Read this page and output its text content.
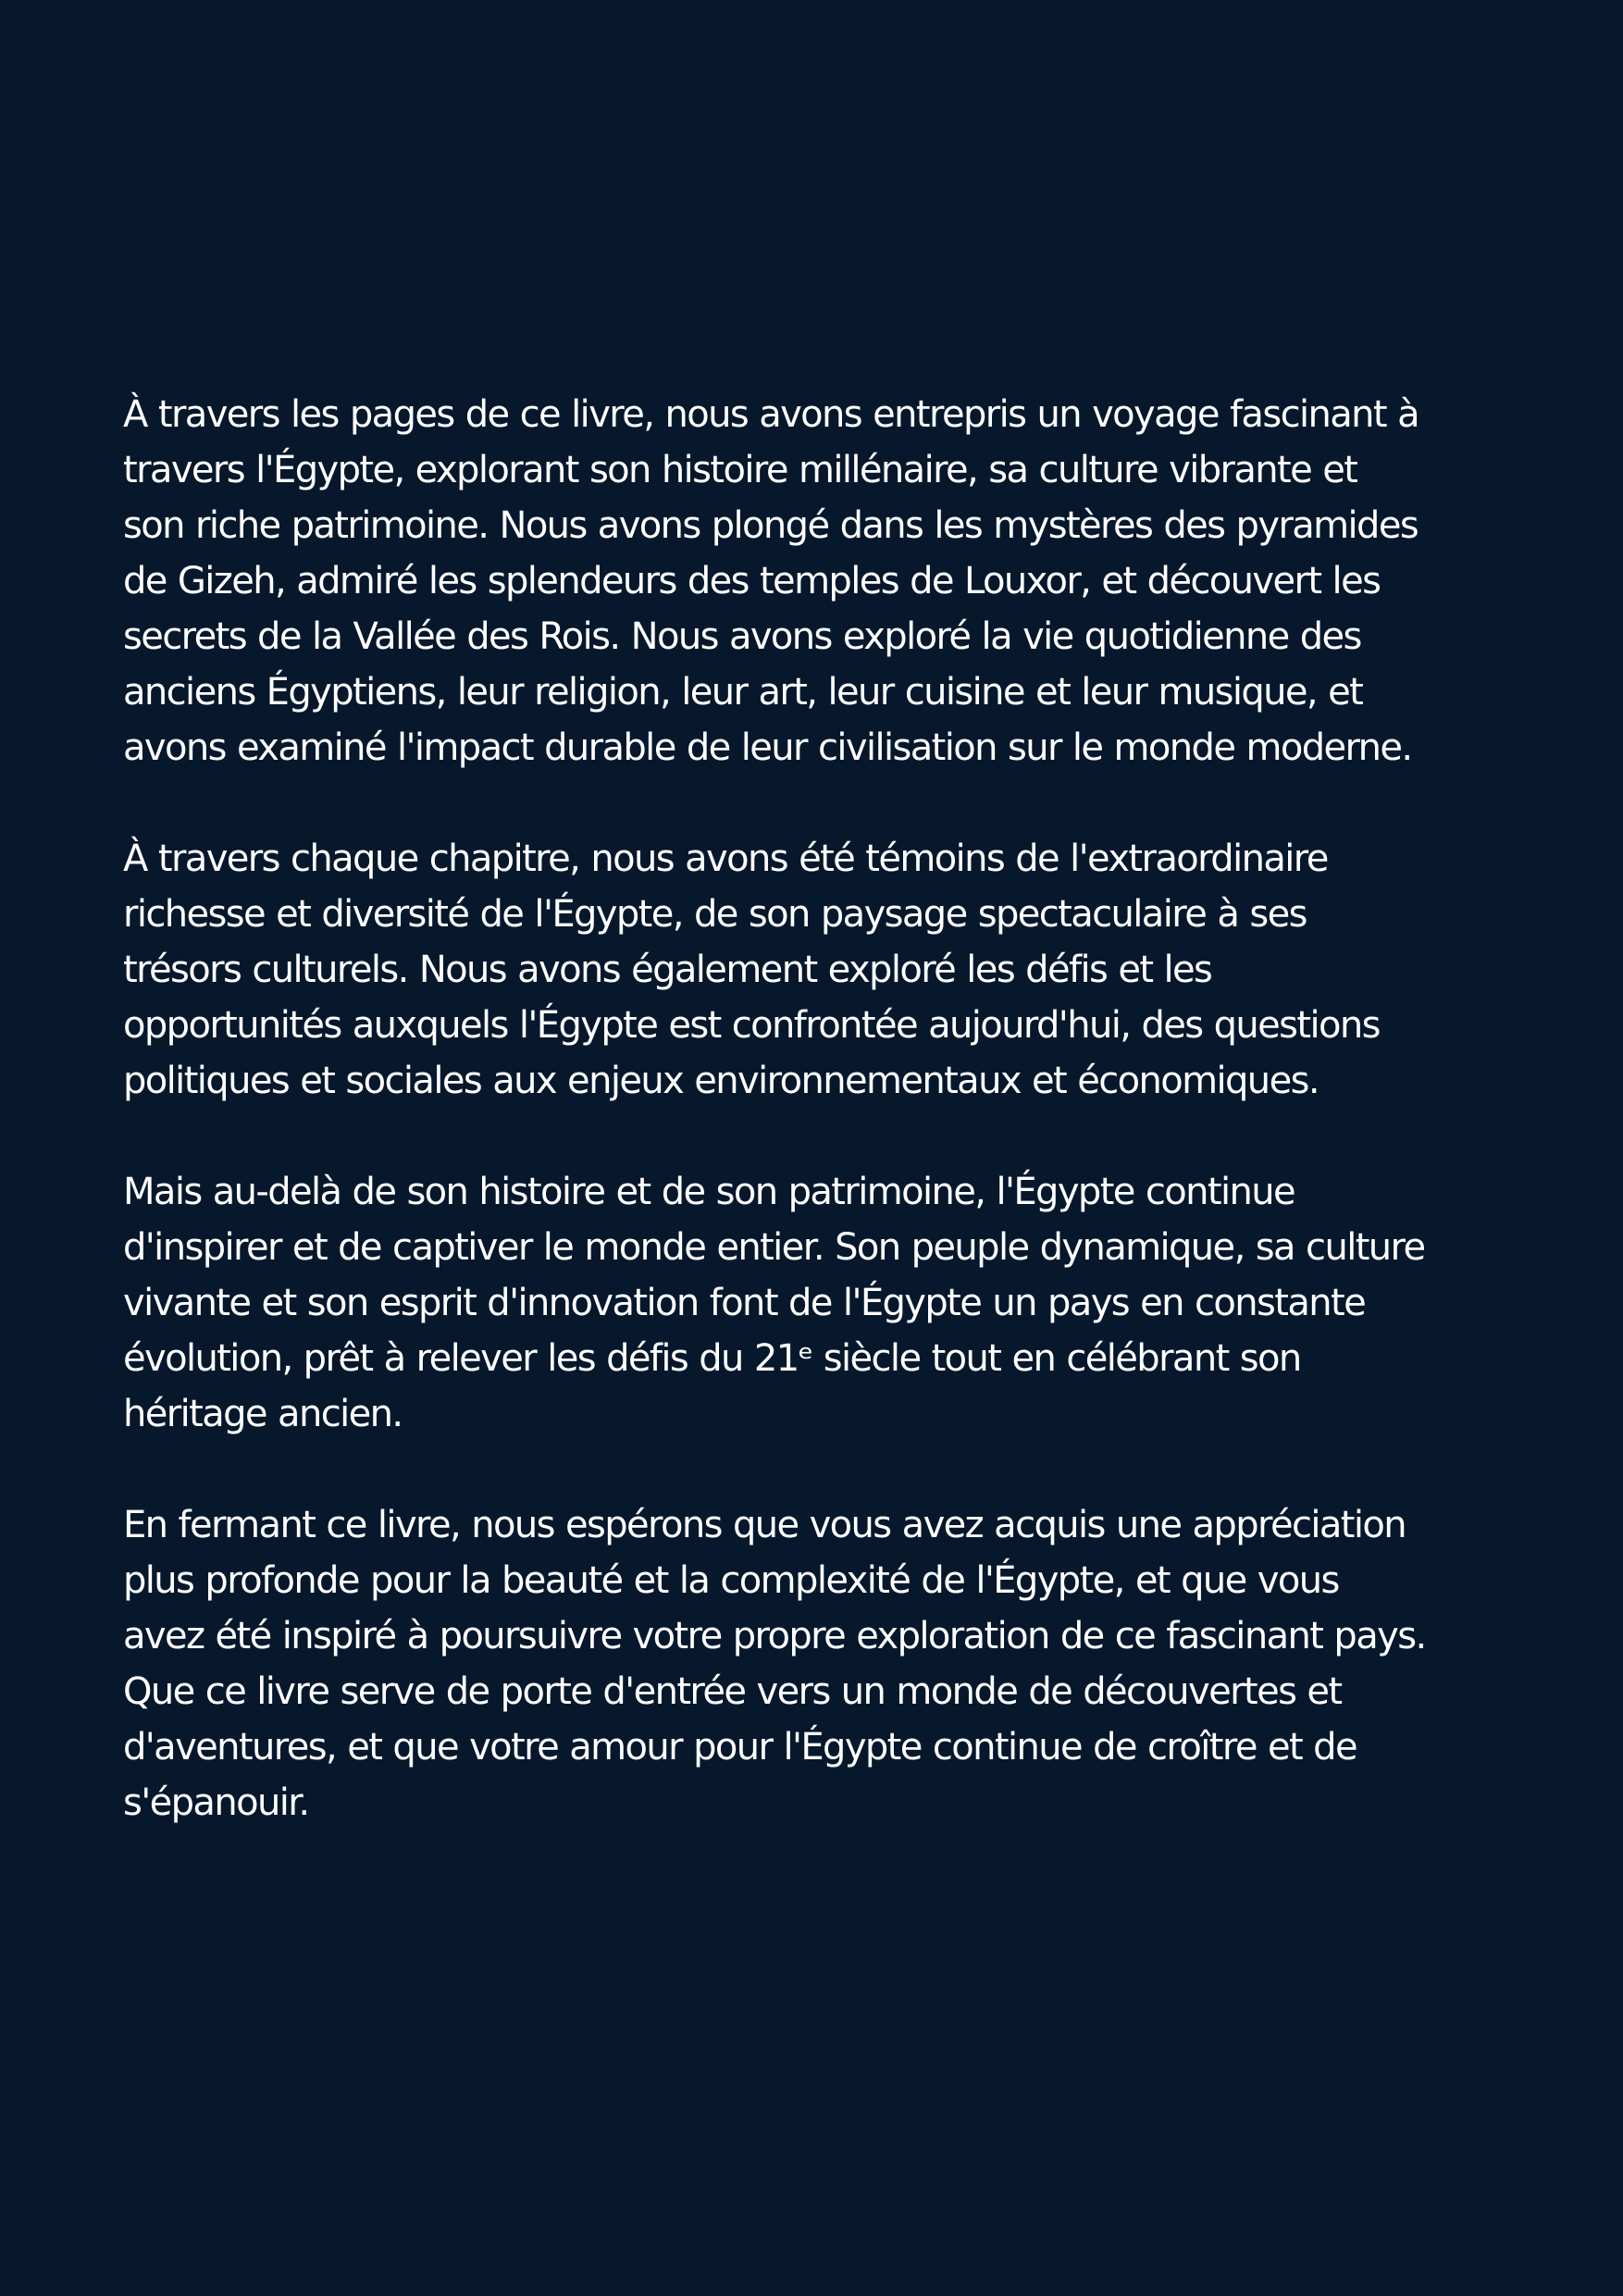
À travers les pages de ce livre, nous avons entrepris un voyage fascinant à
travers l'Égypte, explorant son histoire millénaire, sa culture vibrante et
son riche patrimoine. Nous avons plongé dans les mystères des pyramides
de Gizeh, admiré les splendeurs des temples de Louxor, et découvert les
secrets de la Vallée des Rois. Nous avons exploré la vie quotidienne des
anciens Égyptiens, leur religion, leur art, leur cuisine et leur musique, et
avons examiné l'impact durable de leur civilisation sur le monde moderne.
À travers chaque chapitre, nous avons été témoins de l'extraordinaire
richesse et diversité de l'Égypte, de son paysage spectaculaire à ses
trésors culturels. Nous avons également exploré les défis et les
opportunités auxquels l'Égypte est confrontée aujourd'hui, des questions
politiques et sociales aux enjeux environnementaux et économiques.
Mais au-delà de son histoire et de son patrimoine, l'Égypte continue
d'inspirer et de captiver le monde entier. Son peuple dynamique, sa culture
vivante et son esprit d'innovation font de l'Égypte un pays en constante
évolution, prêt à relever les défis du 21ᵉ siècle tout en célébrant son
héritage ancien.
En fermant ce livre, nous espérons que vous avez acquis une appréciation
plus profonde pour la beauté et la complexité de l'Égypte, et que vous
avez été inspiré à poursuivre votre propre exploration de ce fascinant pays.
Que ce livre serve de porte d'entrée vers un monde de découvertes et
d'aventures, et que votre amour pour l'Égypte continue de croître et de
s'épanouir.
